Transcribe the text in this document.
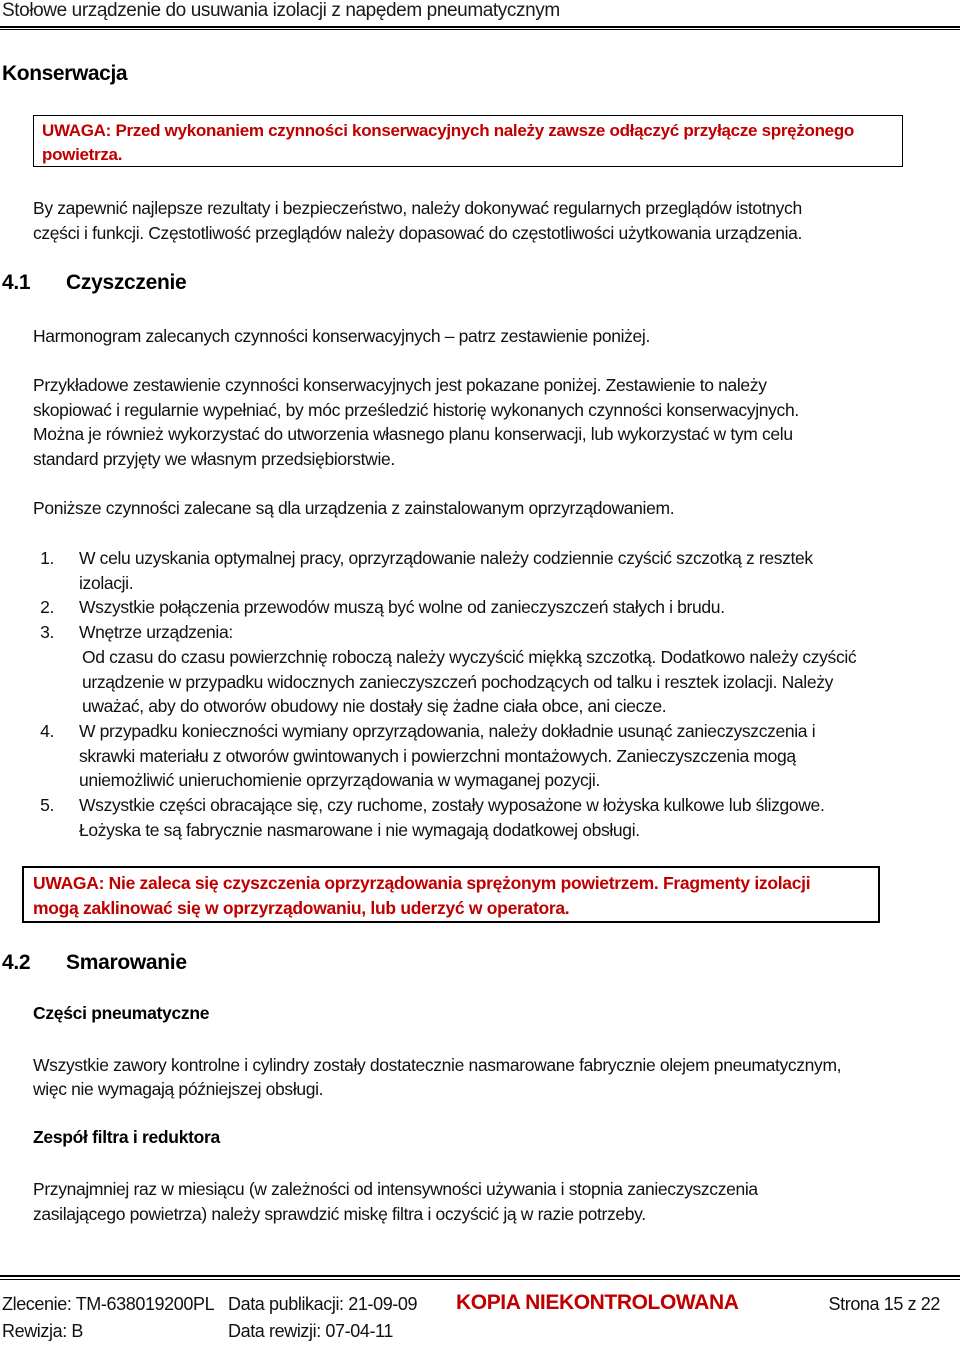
Stołowe urządzenie do usuwania izolacji z napędem pneumatycznym
Konserwacja
UWAGA: Przed wykonaniem czynności konserwacyjnych należy zawsze odłączyć przyłącze sprężonego powietrza.
By zapewnić najlepsze rezultaty i bezpieczeństwo, należy dokonywać regularnych przeglądów istotnych
części i funkcji. Częstotliwość przeglądów należy dopasować do częstotliwości użytkowania urządzenia.
4.1 Czyszczenie
Harmonogram zalecanych czynności konserwacyjnych – patrz zestawienie poniżej.
Przykładowe zestawienie czynności konserwacyjnych jest pokazane poniżej. Zestawienie to należy
skopiować i regularnie wypełniać, by móc prześledzić historię wykonanych czynności konserwacyjnych.
Można je również wykorzystać do utworzenia własnego planu konserwacji, lub wykorzystać w tym celu
standard przyjęty we własnym przedsiębiorstwie.
Poniższe czynności zalecane są dla urządzenia z zainstalowanym oprzyrządowaniem.
1. W celu uzyskania optymalnej pracy, oprzyrządowanie należy codziennie czyścić szczotką z resztek
izolacji.
2. Wszystkie połączenia przewodów muszą być wolne od zanieczyszczeń stałych i brudu.
3. Wnętrze urządzenia:
Od czasu do czasu powierzchnię roboczą należy wyczyścić miękką szczotką. Dodatkowo należy czyścić
urządzenie w przypadku widocznych zanieczyszczeń pochodzących od talku i resztek izolacji. Należy
uważać, aby do otworów obudowy nie dostały się żadne ciała obce, ani ciecze.
4. W przypadku konieczności wymiany oprzyrządowania, należy dokładnie usunąć zanieczyszczenia i
skrawki materiału z otworów gwintowanych i powierzchni montażowych. Zanieczyszczenia mogą
uniemożliwić unieruchomienie oprzyrządowania w wymaganej pozycji.
5. Wszystkie części obracające się, czy ruchome, zostały wyposażone w łożyska kulkowe lub ślizgowe.
Łożyska te są fabrycznie nasmarowane i nie wymagają dodatkowej obsługi.
UWAGA: Nie zaleca się czyszczenia oprzyrządowania sprężonym powietrzem. Fragmenty izolacji
mogą zaklinować się w oprzyrządowaniu, lub uderzyć w operatora.
4.2 Smarowanie
Części pneumatyczne
Wszystkie zawory kontrolne i cylindry zostały dostatecznie nasmarowane fabrycznie olejem pneumatycznym,
więc nie wymagają późniejszej obsługi.
Zespół filtra i reduktora
Przynajmniej raz w miesiącu (w zależności od intensywności używania i stopnia zanieczyszczenia
zasilającego powietrza) należy sprawdzić miskę filtra i oczyścić ją w razie potrzeby.
Zlecenie: TM-638019200PL
Rewizja: B
Data publikacji: 21-09-09
Data rewizji: 07-04-11
KOPIA NIEKONTROLOWANA	Strona 15 z 22
